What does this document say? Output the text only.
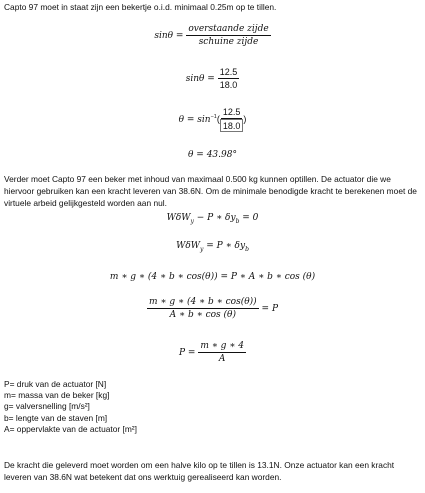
Capto 97 moet in staat zijn een bekertje o.i.d. minimaal 0.25m op te tillen.
$\sin\theta = \frac{\text{overstaande zijde}}{\text{schuine zijde}}$
$\sin\theta = \frac{12.5}{18.0}$
$\theta = \sin^{-1}( \frac{12.5}{18.0}$ )
θ = 43.98°
Verder moet Capto 97 een beker met inhoud van maximaal 0.500 kg kunnen optillen. De actuator die we hiervoor gebruiken kan een kracht leveren van 38.6N. Om de minimale benodigde kracht te berekenen moet de virtuele arbeid gelijkgesteld worden aan nul.
WδW$_y$ − P ∗ $\delta y_b = 0$
WδW$_y$ = P ∗ $\delta y_b$
m ∗ g ∗ (4 ∗ b ∗ cos(θ)) = P ∗ A ∗ b ∗ cos (θ)
$\frac{m ∗ g ∗ (4 ∗ b ∗ \cos(\theta))}{A ∗ b ∗ \cos (\theta)} = P$
$P = \frac{m ∗ g ∗ 4}{A}$
P= druk van de actuator [N]
m= massa van de beker [kg]
g= valversnelling [m/s²]
b= lengte van de staven [m]
A= oppervlakte van de actuator [m²]
De kracht die geleverd moet worden om een halve kilo op te tillen is 13.1N. Onze actuator kan een kracht leveren van 38.6N wat betekent dat ons werktuig gerealiseerd kan worden.
